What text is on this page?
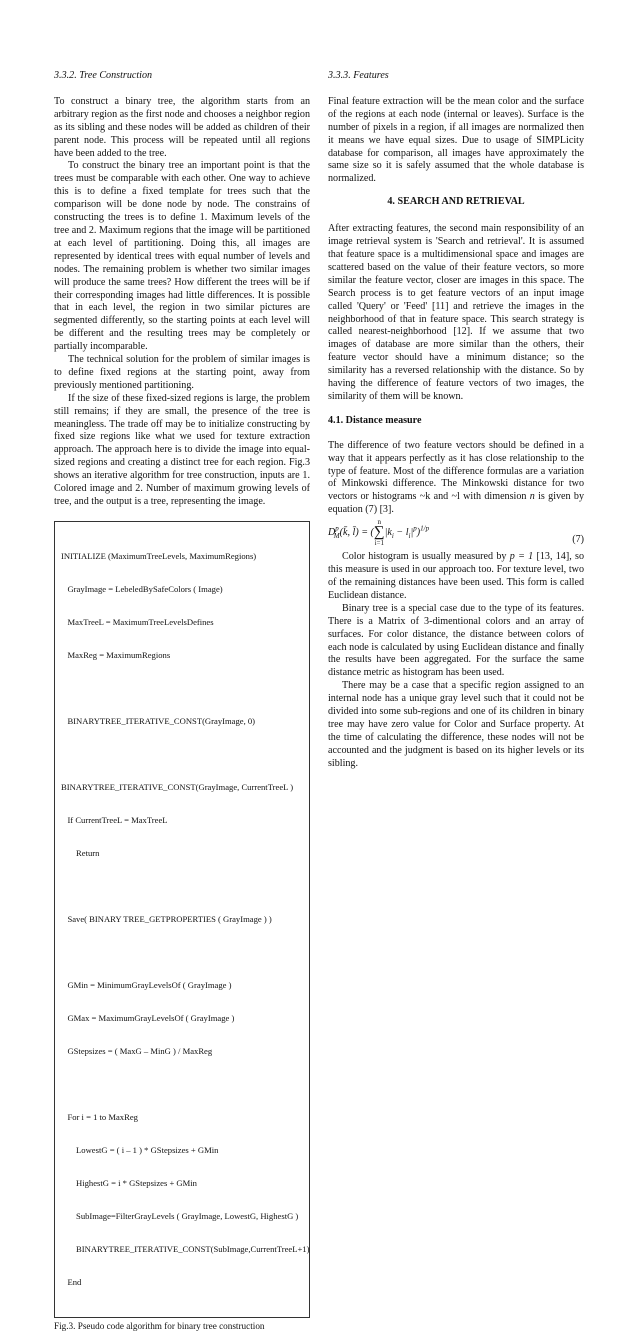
3.3.2. Tree Construction

To construct a binary tree, the algorithm starts from an arbitrary region as the first node and chooses a neighbor region as its sibling and these nodes will be added as children of their parent node. This process will be repeated until all regions have been added to the tree.

To construct the binary tree an important point is that the trees must be comparable with each other. One way to achieve this is to define a fixed template for trees such that the comparison will be done node by node. The constrains of constructing the trees is to define 1. Maximum levels of the tree and 2. Maximum regions that the image will be partitioned at each level of partitioning. Doing this, all images are represented by identical trees with equal number of levels and nodes. The remaining problem is whether two similar images will produce the same trees? How different the trees will be if their corresponding images had little differences. It is possible that in each level, the region in two similar pictures are segmented differently, so the starting points at each level will be different and the resulting trees may be completely or partially incomparable.

The technical solution for the problem of similar images is to define fixed regions at the starting point, away from previously mentioned partitioning.

If the size of these fixed-sized regions is large, the problem still remains; if they are small, the presence of the tree is meaningless. The trade off may be to initialize constructing by fixed size regions like what we used for texture extraction approach. The approach here is to divide the image into equal-sized regions and creating a distinct tree for each region. Fig.3 shows an iterative algorithm for tree construction, inputs are 1. Colored image and 2. Number of maximum growing levels of tree, and the output is a tree, representing the image.

INITIALIZE (MaximumTreeLevels, MaximumRegions)

GrayImage = LebeledBySafeColors ( Image)

MaxTreeL = MaximumTreeLevelsDefines

MaxReg = MaximumRegions

BINARYTREE_ITERATIVE_CONST(GrayImage, 0)

BINARYTREE_ITERATIVE_CONST(GrayImage, CurrentTreeL )

If CurrentTreeL = MaxTreeL

Return

Save( BINARY TREE_GETPROPERTIES ( GrayImage ) )

GMin = MinimumGrayLevelsOf ( GrayImage )

GMax = MaximumGrayLevelsOf ( GrayImage )

GStepsizes = ( MaxG – MinG ) / MaxReg

For i = 1 to MaxReg

LowestG = ( i – 1 ) * GStepsizes + GMin

HighestG = i * GStepsizes + GMin

SubImage=FilterGrayLevels ( GrayImage, LowestG, HighestG )

BINARYTREE_ITERATIVE_CONST(SubImage,CurrentTreeL+1)

End

Fig.3. Pseudo code algorithm for binary tree construction
3.3.3. Features

Final feature extraction will be the mean color and the surface of the regions at each node (internal or leaves). Surface is the number of pixels in a region, if all images are normalized then it means we have equal sizes. Due to usage of SIMPLicity database for comparison, all images have approximately the same size so it is safely assumed that the whole database is normalized.

4. SEARCH AND RETRIEVAL

After extracting features, the second main responsibility of an image retrieval system is 'Search and retrieval'. It is assumed that feature space is a multidimensional space and images are scattered based on the value of their feature vectors, so more similar the feature vector, closer are images in this space. The Search process is to get feature vectors of an input image called 'Query' or 'Feed' [11] and retrieve the images in the neighborhood of that in feature space. This search strategy is called nearest-neighborhood [12]. If we assume that two images of database are more similar than the others, their feature vector should have a minimum distance; so the similarity has a reversed relationship with the distance. So by having the difference of feature vectors of two images, the similarity of them will be known.

4.1. Distance measure

The difference of two feature vectors should be defined in a way that it appears perfectly as it has close relationship to the type of feature. Most of the difference formulas are a variation of Minkowski difference. The Minkowski distance for two vectors or histograms ~k and ~l with dimension n is given by equation (7) [3].

$D^p_M(k̄$, l̄) = (n
∑
$i=1|k_i - l_i|^p)^{1/p}$
(7)

Color histogram is usually measured by p = 1 [13, 14], so this measure is used in our approach too. For texture level, two of the remaining distances have been used. This form is called Euclidean distance.

Binary tree is a special case due to the type of its features. There is a Matrix of 3-dimentional colors and an array of surfaces. For color distance, the distance between colors of each node is calculated by using Euclidean distance and finally the results have been aggregated. For the surface the same distance metric as histogram has been used.

There may be a case that a specific region assigned to an internal node has a unique gray level such that it could not be divided into some sub-regions and one of its children in binary tree may have zero value for Color and Surface property. At the time of calculating the difference, these nodes will not be accounted and the judgment is based on its higher levels or its sibling.
